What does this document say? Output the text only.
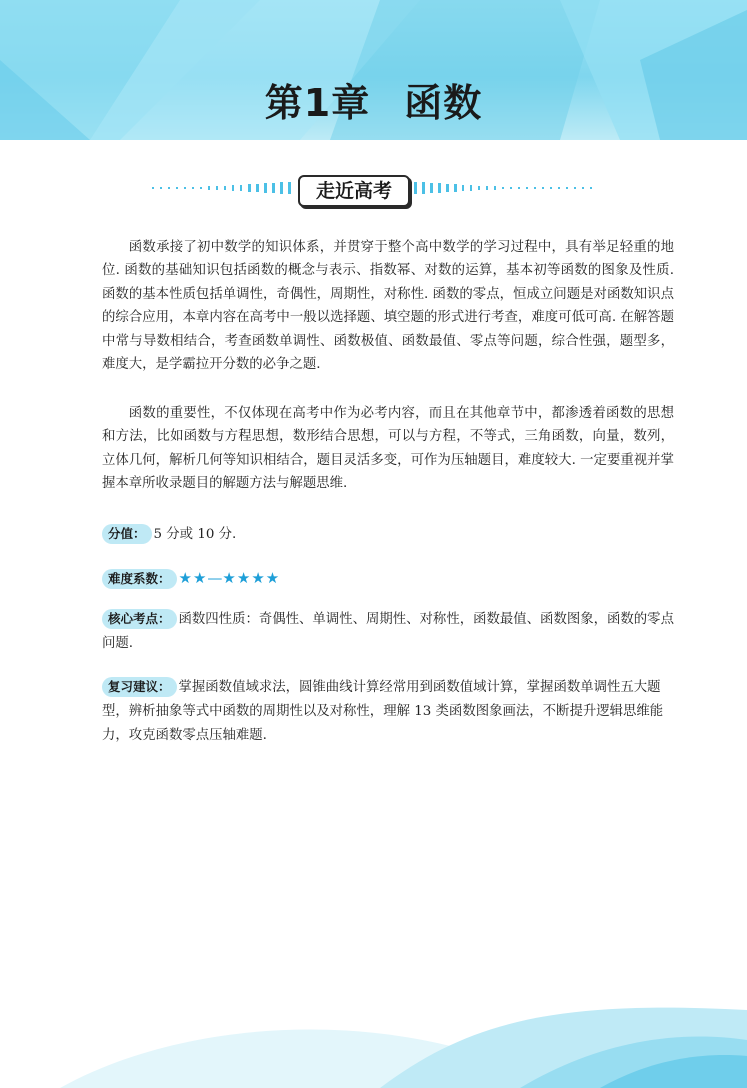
第1章 函数
走近高考

函数承接了初中数学的知识体系，并贯穿于整个高中数学的学习过程中，具有举足轻重的地位. 函数的基础知识包括函数的概念与表示、指数幂、对数的运算，基本初等函数的图象及性质. 函数的基本性质包括单调性，奇偶性，周期性，对称性. 函数的零点，恒成立问题是对函数知识点的综合应用，本章内容在高考中一般以选择题、填空题的形式进行考查，难度可低可高. 在解答题中常与导数相结合，考查函数单调性、函数极值、函数最值、零点等问题，综合性强，题型多，难度大，是学霸拉开分数的必争之题.

函数的重要性，不仅体现在高考中作为必考内容，而且在其他章节中，都渗透着函数的思想和方法，比如函数与方程思想，数形结合思想，可以与方程，不等式，三角函数，向量，数列，立体几何，解析几何等知识相结合，题目灵活多变，可作为压轴题目，难度较大. 一定要重视并掌握本章所收录题目的解题方法与解题思维.

分值： 5 分或 10 分.
难度系数： ★★—★★★★
核心考点： 函数四性质：奇偶性、单调性、周期性、对称性，函数最值、函数图象，函数的零点问题.
复习建议： 掌握函数值域求法，圆锥曲线计算经常用到函数值域计算，掌握函数单调性五大题型，辨析抽象等式中函数的周期性以及对称性，理解 13 类函数图象画法，不断提升逻辑思维能力，攻克函数零点压轴难题.
